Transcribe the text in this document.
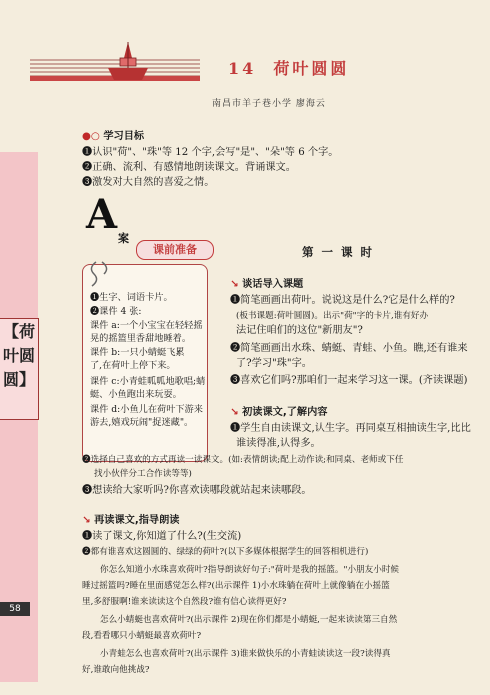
14 荷叶圆圆
南昌市羊子巷小学 廖海云
●○ 学习目标
❶认识"荷"、"珠"等 12 个字,会写"是"、"朵"等 6 个字。
❷正确、流利、有感情地朗读课文。背诵课文。
❸激发对大自然的喜爱之情。
A
案
课前准备
❶生字、词语卡片。
❷课件 4 张:
课件 a:一个小宝宝在轻轻摇
晃的摇篮里香甜地睡着。
课件 b:一只小蜻蜓飞累
了,在荷叶上停下来。
课件 c:小青蛙呱呱地歌唱;蜻
蜓、小鱼跑出来玩耍。
课件 d:小鱼儿在荷叶下游来
游去,嬉戏玩闹"捉迷藏"。
第 一 课 时
↘ 谈话导入课题
❶简笔画画出荷叶。说说这是什么?它是什么样的?
(板书课题:荷叶圆圆)。出示"荷"字的卡片,谁有好办
法记住咱们的这位"新朋友"?
❷简笔画画出水珠、蜻蜓、青蛙、小鱼。瞧,还有谁来
了?学习"珠"字。
❸喜欢它们吗?那咱们一起来学习这一课。(齐读课题)
↘ 初读课文,了解内容
❶学生自由读课文,认生字。再同桌互相抽读生字,比比
谁读得准,认得多。
❷选择自己喜欢的方式再读一读课文。(如:表情朗读;配上动作读;和同桌、老师或下任
找小伙伴分工合作读等等)
❸想读给大家听吗?你喜欢读哪段就站起来读哪段。
↘ 再读课文,指导朗读
❶读了课文,你知道了什么?(生交流)
❷都有谁喜欢这圆圆的、绿绿的荷叶?(以下多媒体根据学生的回答相机进行)
你怎么知道小水珠喜欢荷叶?指导朗读好句子:"荷叶是我的摇篮。"小朋友小时候
睡过摇篮吗?睡在里面感觉怎么样?(出示课件 1)小水珠躺在荷叶上就像躺在小摇篮
里,多舒服啊!谁来读读这个自然段?谁有信心读得更好?
怎么小蜻蜓也喜欢荷叶?(出示课件 2)现在你们都是小蜻蜓,一起来读读第三自然
段,看看哪只小蜻蜓最喜欢荷叶?
小青蛙怎么也喜欢荷叶?(出示课件 3)谁来做快乐的小青蛙读读这一段?读得真
好,谁敢向他挑战?
【荷叶圆圆】
58
